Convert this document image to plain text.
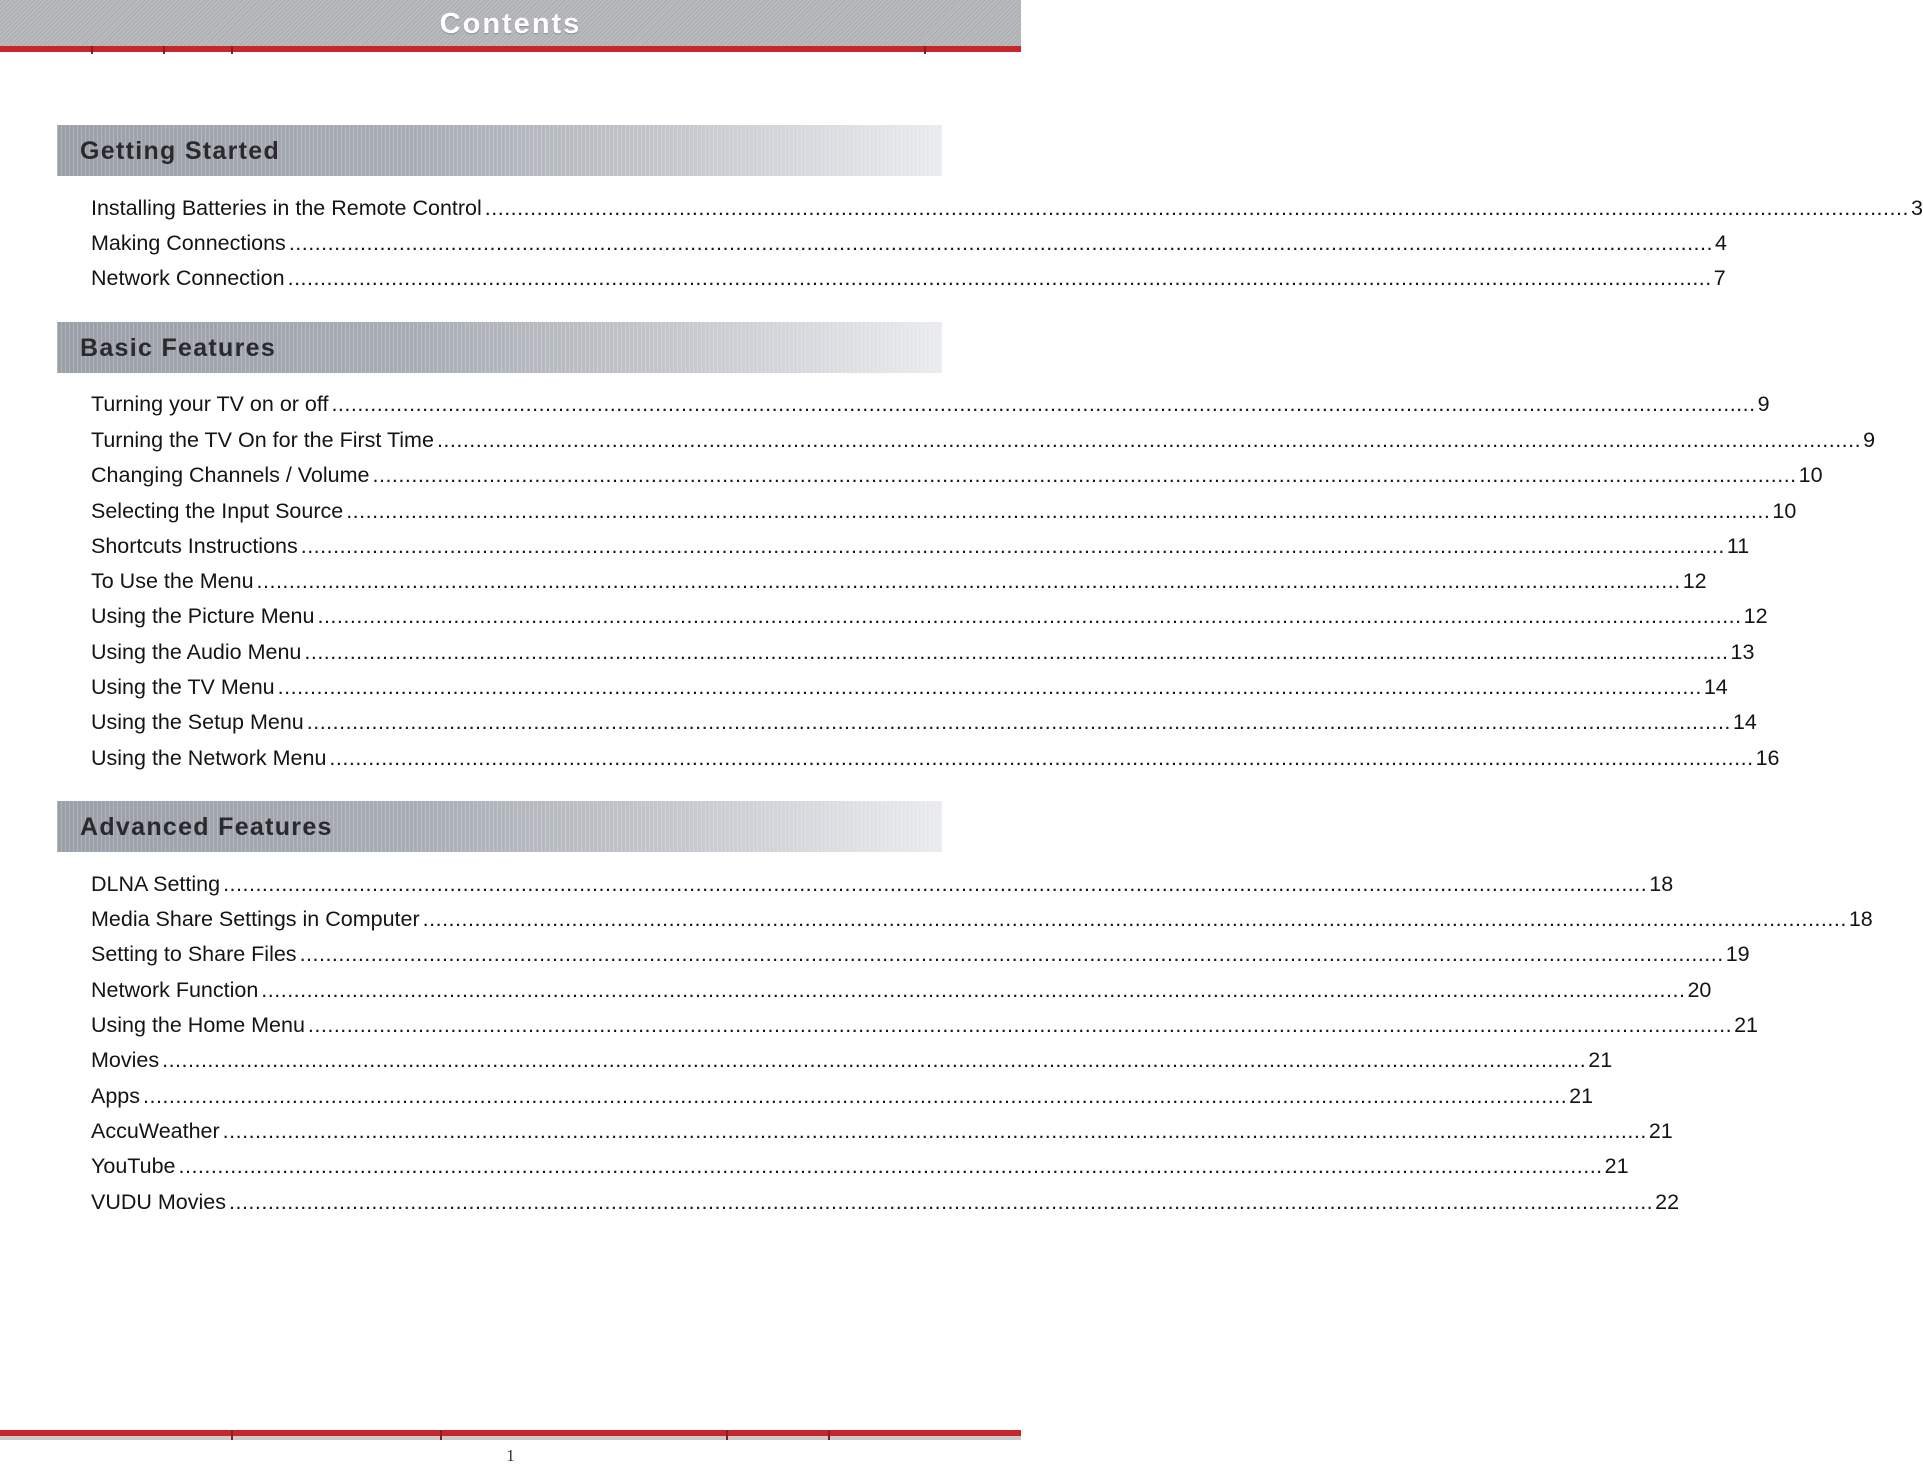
Contents
Getting Started
Installing Batteries in the Remote Control ............................................................................................................................................................................................................................ 3
Making Connections ............................................................................................................................................................................................................................ 4
Network Connection ............................................................................................................................................................................................................................ 7
Basic Features
Turning your TV on or off ............................................................................................................................................................................................................................ 9
Turning the TV On for the First Time ............................................................................................................................................................................................................................ 9
Changing Channels / Volume ............................................................................................................................................................................................................................ 10
Selecting the Input Source ............................................................................................................................................................................................................................ 10
Shortcuts Instructions ............................................................................................................................................................................................................................ 11
To Use the Menu ............................................................................................................................................................................................................................ 12
Using the Picture Menu ............................................................................................................................................................................................................................ 12
Using the Audio Menu ............................................................................................................................................................................................................................ 13
Using the TV Menu ............................................................................................................................................................................................................................ 14
Using the Setup Menu ............................................................................................................................................................................................................................ 14
Using the Network Menu ............................................................................................................................................................................................................................ 16
Advanced Features
DLNA Setting ............................................................................................................................................................................................................................ 18
Media Share Settings in Computer ............................................................................................................................................................................................................................ 18
Setting to Share Files ............................................................................................................................................................................................................................ 19
Network Function ............................................................................................................................................................................................................................ 20
Using the Home Menu ............................................................................................................................................................................................................................ 21
Movies ............................................................................................................................................................................................................................ 21
Apps ............................................................................................................................................................................................................................ 21
AccuWeather ............................................................................................................................................................................................................................ 21
YouTube ............................................................................................................................................................................................................................ 21
VUDU Movies ............................................................................................................................................................................................................................ 22
1
